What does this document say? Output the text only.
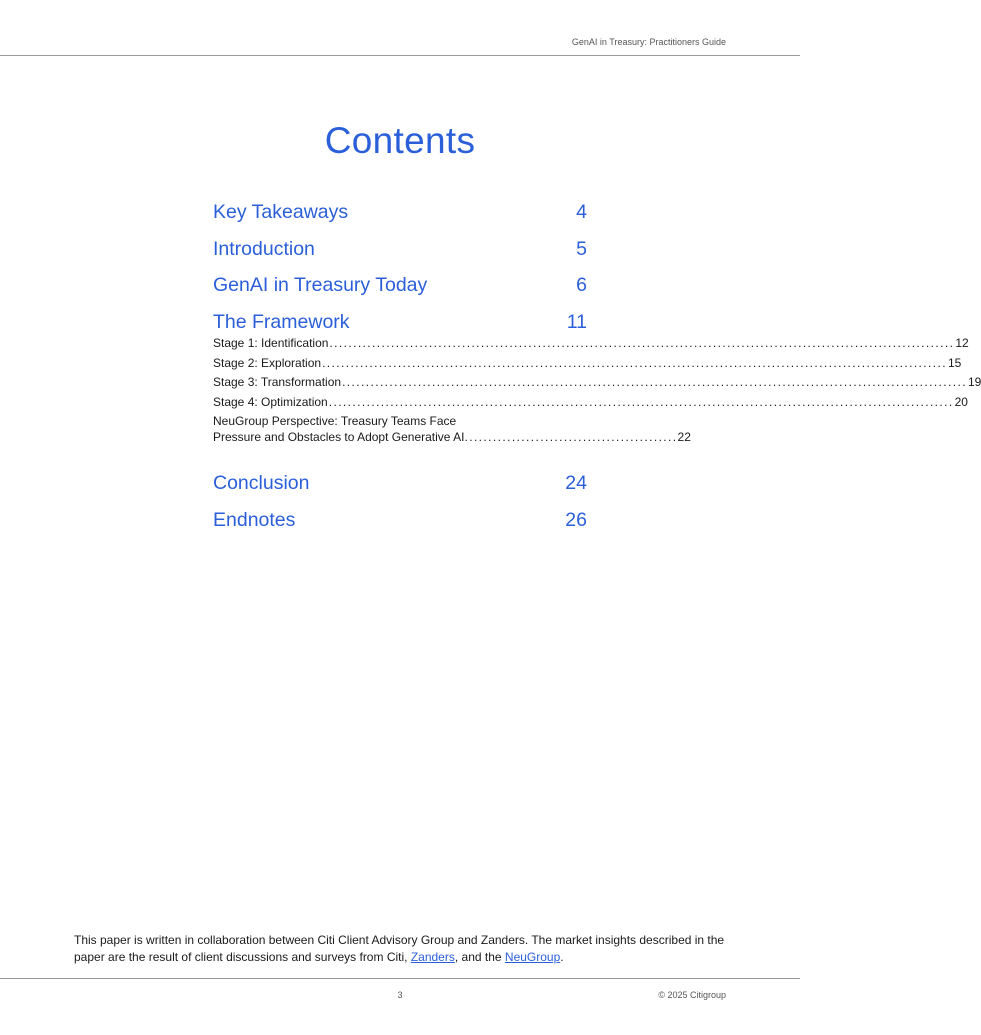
GenAI in Treasury: Practitioners Guide
Contents
Key Takeaways	4
Introduction	5
GenAI in Treasury Today	6
The Framework	11
Stage 1: Identification .....	12
Stage 2: Exploration .....	15
Stage 3: Transformation .....	19
Stage 4: Optimization .....	20
NeuGroup Perspective: Treasury Teams Face
Pressure and Obstacles to Adopt Generative AI ............................................. 22
Conclusion	24
Endnotes	26

This paper is written in collaboration between Citi Client Advisory Group and Zanders. The market insights described in the paper are the result of client discussions and surveys from Citi, Zanders, and the NeuGroup.

3	© 2025 Citigroup
